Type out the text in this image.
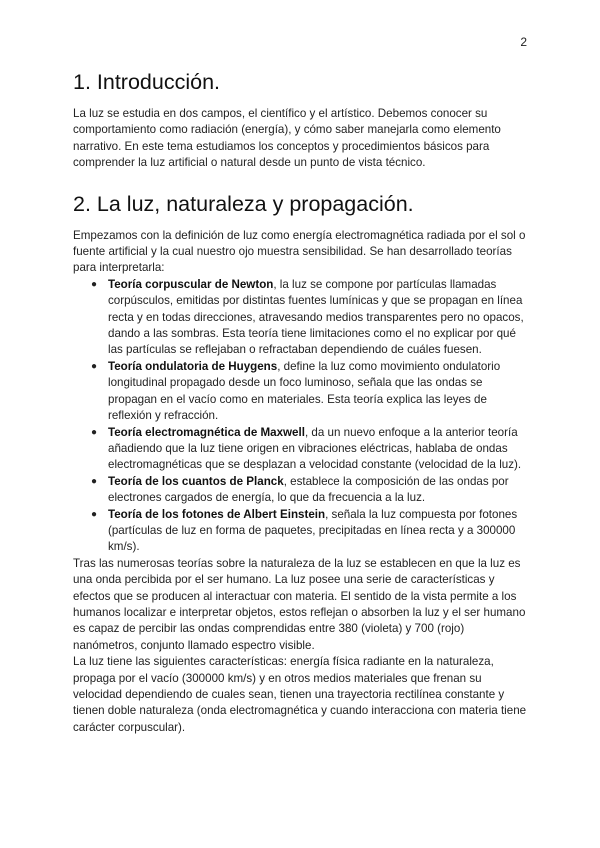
2
1. Introducción.

La luz se estudia en dos campos, el científico y el artístico. Debemos conocer su comportamiento como radiación (energía), y cómo saber manejarla como elemento narrativo. En este tema estudiamos los conceptos y procedimientos básicos para comprender la luz artificial o natural desde un punto de vista técnico.

2. La luz, naturaleza y propagación.

Empezamos con la definición de luz como energía electromagnética radiada por el sol o fuente artificial y la cual nuestro ojo muestra sensibilidad. Se han desarrollado teorías para interpretarla:

● Teoría corpuscular de Newton, la luz se compone por partículas llamadas corpúsculos, emitidas por distintas fuentes lumínicas y que se propagan en línea recta y en todas direcciones, atravesando medios transparentes pero no opacos, dando a las sombras. Esta teoría tiene limitaciones como el no explicar por qué las partículas se reflejaban o refractaban dependiendo de cuáles fuesen.
● Teoría ondulatoria de Huygens, define la luz como movimiento ondulatorio longitudinal propagado desde un foco luminoso, señala que las ondas se propagan en el vacío como en materiales. Esta teoría explica las leyes de reflexión y refracción.
● Teoría electromagnética de Maxwell, da un nuevo enfoque a la anterior teoría añadiendo que la luz tiene origen en vibraciones eléctricas, hablaba de ondas electromagnéticas que se desplazan a velocidad constante (velocidad de la luz).
● Teoría de los cuantos de Planck, establece la composición de las ondas por electrones cargados de energía, lo que da frecuencia a la luz.
● Teoría de los fotones de Albert Einstein, señala la luz compuesta por fotones (partículas de luz en forma de paquetes, precipitadas en línea recta y a 300000 km/s).

Tras las numerosas teorías sobre la naturaleza de la luz se establecen en que la luz es una onda percibida por el ser humano. La luz posee una serie de características y efectos que se producen al interactuar con materia. El sentido de la vista permite a los humanos localizar e interpretar objetos, estos reflejan o absorben la luz y el ser humano es capaz de percibir las ondas comprendidas entre 380 (violeta) y 700 (rojo) nanómetros, conjunto llamado espectro visible.

La luz tiene las siguientes características: energía física radiante en la naturaleza, propaga por el vacío (300000 km/s) y en otros medios materiales que frenan su velocidad dependiendo de cuales sean, tienen una trayectoria rectilínea constante y tienen doble naturaleza (onda electromagnética y cuando interacciona con materia tiene carácter corpuscular).
